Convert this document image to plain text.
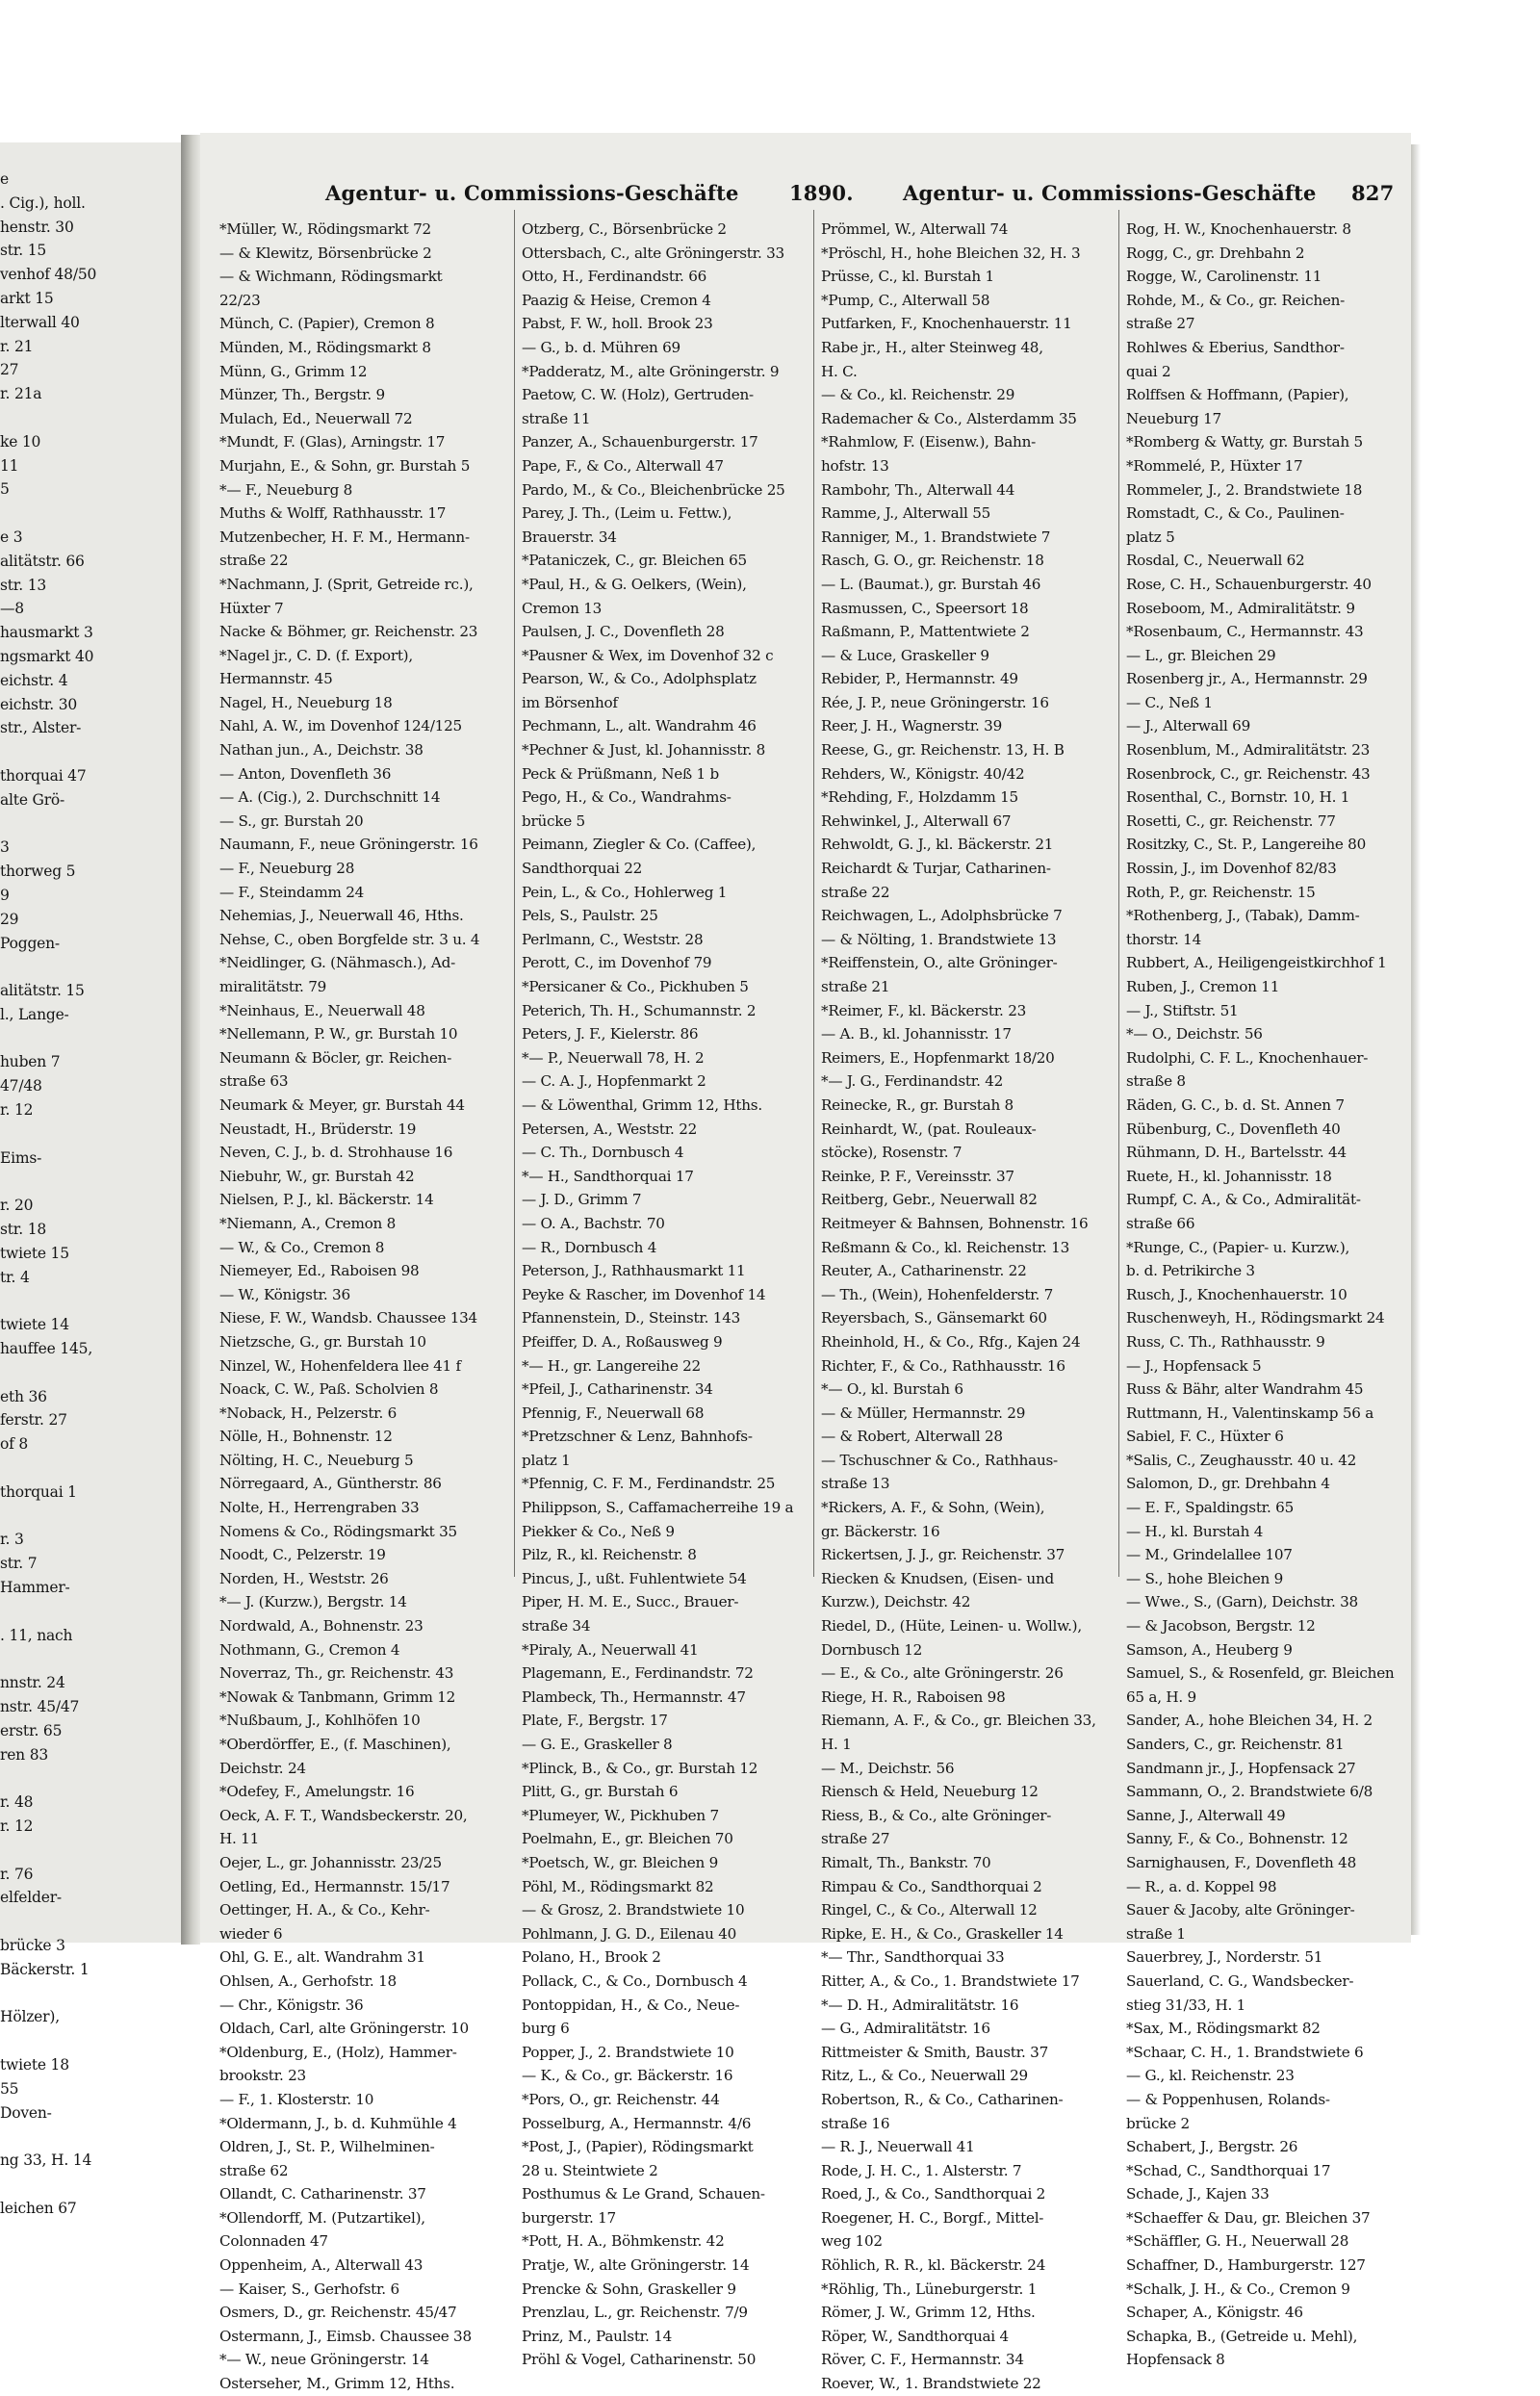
e
. Cig.), holl.
henstr. 30
str. 15
venhof 48/50
arkt 15
lterwall 40
r. 21
27
r. 21a
ke 10
11
5
e 3
alitätstr. 66
str. 13
—8
hausmarkt 3
ngsmarkt 40
eichstr. 4
eichstr. 30
str., Alster-
thorquai 47
alte Grö-
3
thorweg 5
9
29
Poggen-
alitätstr. 15
l., Lange-
huben 7
47/48
r. 12
Eims-
r. 20
str. 18
twiete 15
tr. 4
twiete 14
hauffee 145,
eth 36
ferstr. 27
of 8
thorquai 1
r. 3
str. 7
Hammer-
. 11, nach
nnstr. 24
nstr. 45/47
erstr. 65
ren 83
r. 48
r. 12
r. 76
elfelder-
brücke 3
Bäckerstr. 1
Hölzer),
twiete 18
55
Doven-
ng 33, H. 14
leichen 67
Agentur- u. Commissions-Geschäfte 1890. Agentur- u. Commissions-Geschäfte 827
*Müller, W., Rödingsmarkt 72
— & Klewitz, Börsenbrücke 2
— & Wichmann, Rödingsmarkt
22/23
Münch, C. (Papier), Cremon 8
Münden, M., Rödingsmarkt 8
Münn, G., Grimm 12
Münzer, Th., Bergstr. 9
Mulach, Ed., Neuerwall 72
*Mundt, F. (Glas), Arningstr. 17
Murjahn, E., & Sohn, gr. Burstah 5
*— F., Neueburg 8
Muths & Wolff, Rathhausstr. 17
Mutzenbecher, H. F. M., Hermann-
straße 22
*Nachmann, J. (Sprit, Getreide rc.),
Hüxter 7
Nacke & Böhmer, gr. Reichenstr. 23
*Nagel jr., C. D. (f. Export),
Hermannstr. 45
Nagel, H., Neueburg 18
Nahl, A. W., im Dovenhof 124/125
Nathan jun., A., Deichstr. 38
— Anton, Dovenfleth 36
— A. (Cig.), 2. Durchschnitt 14
— S., gr. Burstah 20
Naumann, F., neue Gröningerstr. 16
— F., Neueburg 28
— F., Steindamm 24
Nehemias, J., Neuerwall 46, Hths.
Nehse, C., oben Borgfelde str. 3 u. 4
*Neidlinger, G. (Nähmasch.), Ad-
miralitätstr. 79
*Neinhaus, E., Neuerwall 48
*Nellemann, P. W., gr. Burstah 10
Neumann & Böcler, gr. Reichen-
straße 63
Neumark & Meyer, gr. Burstah 44
Neustadt, H., Brüderstr. 19
Neven, C. J., b. d. Strohhause 16
Niebuhr, W., gr. Burstah 42
Nielsen, P. J., kl. Bäckerstr. 14
*Niemann, A., Cremon 8
— W., & Co., Cremon 8
Niemeyer, Ed., Raboisen 98
— W., Königstr. 36
Niese, F. W., Wandsb. Chaussee 134
Nietzsche, G., gr. Burstah 10
Ninzel, W., Hohenfeldera llee 41 f
Noack, C. W., Paß. Scholvien 8
*Noback, H., Pelzerstr. 6
Nölle, H., Bohnenstr. 12
Nölting, H. C., Neueburg 5
Nörregaard, A., Güntherstr. 86
Nolte, H., Herrengraben 33
Nomens & Co., Rödingsmarkt 35
Noodt, C., Pelzerstr. 19
Norden, H., Weststr. 26
*— J. (Kurzw.), Bergstr. 14
Nordwald, A., Bohnenstr. 23
Nothmann, G., Cremon 4
Noverraz, Th., gr. Reichenstr. 43
*Nowak & Tanbmann, Grimm 12
*Nußbaum, J., Kohlhöfen 10
*Oberdörffer, E., (f. Maschinen),
Deichstr. 24
*Odefey, F., Amelungstr. 16
Oeck, A. F. T., Wandsbeckerstr. 20,
H. 11
Oejer, L., gr. Johannisstr. 23/25
Oetling, Ed., Hermannstr. 15/17
Oettinger, H. A., & Co., Kehr-
wieder 6
Ohl, G. E., alt. Wandrahm 31
Ohlsen, A., Gerhofstr. 18
— Chr., Königstr. 36
Oldach, Carl, alte Gröningerstr. 10
*Oldenburg, E., (Holz), Hammer-
brookstr. 23
— F., 1. Klosterstr. 10
*Oldermann, J., b. d. Kuhmühle 4
Oldren, J., St. P., Wilhelminen-
straße 62
Ollandt, C. Catharinenstr. 37
*Ollendorff, M. (Putzartikel),
Colonnaden 47
Oppenheim, A., Alterwall 43
— Kaiser, S., Gerhofstr. 6
Osmers, D., gr. Reichenstr. 45/47
Ostermann, J., Eimsb. Chaussee 38
*— W., neue Gröningerstr. 14
Osterseher, M., Grimm 12, Hths.
Otzberg, C., Börsenbrücke 2
Ottersbach, C., alte Gröningerstr. 33
Otto, H., Ferdinandstr. 66
Paazig & Heise, Cremon 4
Pabst, F. W., holl. Brook 23
— G., b. d. Mühren 69
*Padderatz, M., alte Gröningerstr. 9
Paetow, C. W. (Holz), Gertruden-
straße 11
Panzer, A., Schauenburgerstr. 17
Pape, F., & Co., Alterwall 47
Pardo, M., & Co., Bleichenbrücke 25
Parey, J. Th., (Leim u. Fettw.),
Brauerstr. 34
*Pataniczek, C., gr. Bleichen 65
*Paul, H., & G. Oelkers, (Wein),
Cremon 13
Paulsen, J. C., Dovenfleth 28
*Pausner & Wex, im Dovenhof 32 c
Pearson, W., & Co., Adolphsplatz
im Börsenhof
Pechmann, L., alt. Wandrahm 46
*Pechner & Just, kl. Johannisstr. 8
Peck & Prüßmann, Neß 1 b
Pego, H., & Co., Wandrahms-
brücke 5
Peimann, Ziegler & Co. (Caffee),
Sandthorquai 22
Pein, L., & Co., Hohlerweg 1
Pels, S., Paulstr. 25
Perlmann, C., Weststr. 28
Perott, C., im Dovenhof 79
*Persicaner & Co., Pickhuben 5
Peterich, Th. H., Schumannstr. 2
Peters, J. F., Kielerstr. 86
*— P., Neuerwall 78, H. 2
— C. A. J., Hopfenmarkt 2
— & Löwenthal, Grimm 12, Hths.
Petersen, A., Weststr. 22
— C. Th., Dornbusch 4
*— H., Sandthorquai 17
— J. D., Grimm 7
— O. A., Bachstr. 70
— R., Dornbusch 4
Peterson, J., Rathhausmarkt 11
Peyke & Rascher, im Dovenhof 14
Pfannenstein, D., Steinstr. 143
Pfeiffer, D. A., Roßausweg 9
*— H., gr. Langereihe 22
*Pfeil, J., Catharinenstr. 34
Pfennig, F., Neuerwall 68
*Pretzschner & Lenz, Bahnhofs-
platz 1
*Pfennig, C. F. M., Ferdinandstr. 25
Philippson, S., Caffamacherreihe 19 a
Piekker & Co., Neß 9
Pilz, R., kl. Reichenstr. 8
Pincus, J., ußt. Fuhlentwiete 54
Piper, H. M. E., Succ., Brauer-
straße 34
*Piraly, A., Neuerwall 41
Plagemann, E., Ferdinandstr. 72
Plambeck, Th., Hermannstr. 47
Plate, F., Bergstr. 17
— G. E., Graskeller 8
*Plinck, B., & Co., gr. Burstah 12
Plitt, G., gr. Burstah 6
*Plumeyer, W., Pickhuben 7
Poelmahn, E., gr. Bleichen 70
*Poetsch, W., gr. Bleichen 9
Pöhl, M., Rödingsmarkt 82
— & Grosz, 2. Brandstwiete 10
Pohlmann, J. G. D., Eilenau 40
Polano, H., Brook 2
Pollack, C., & Co., Dornbusch 4
Pontoppidan, H., & Co., Neue-
burg 6
Popper, J., 2. Brandstwiete 10
— K., & Co., gr. Bäckerstr. 16
*Pors, O., gr. Reichenstr. 44
Posselburg, A., Hermannstr. 4/6
*Post, J., (Papier), Rödingsmarkt
28 u. Steintwiete 2
Posthumus & Le Grand, Schauen-
burgerstr. 17
*Pott, H. A., Böhmkenstr. 42
Pratje, W., alte Gröningerstr. 14
Prencke & Sohn, Graskeller 9
Prenzlau, L., gr. Reichenstr. 7/9
Prinz, M., Paulstr. 14
Pröhl & Vogel, Catharinenstr. 50
Prömmel, W., Alterwall 74
*Pröschl, H., hohe Bleichen 32, H. 3
Prüsse, C., kl. Burstah 1
*Pump, C., Alterwall 58
Putfarken, F., Knochenhauerstr. 11
Rabe jr., H., alter Steinweg 48,
H. C.
— & Co., kl. Reichenstr. 29
Rademacher & Co., Alsterdamm 35
*Rahmlow, F. (Eisenw.), Bahn-
hofstr. 13
Rambohr, Th., Alterwall 44
Ramme, J., Alterwall 55
Ranniger, M., 1. Brandstwiete 7
Rasch, G. O., gr. Reichenstr. 18
— L. (Baumat.), gr. Burstah 46
Rasmussen, C., Speersort 18
Raßmann, P., Mattentwiete 2
— & Luce, Graskeller 9
Rebider, P., Hermannstr. 49
Rée, J. P., neue Gröningerstr. 16
Reer, J. H., Wagnerstr. 39
Reese, G., gr. Reichenstr. 13, H. B
Rehders, W., Königstr. 40/42
*Rehding, F., Holzdamm 15
Rehwinkel, J., Alterwall 67
Rehwoldt, G. J., kl. Bäckerstr. 21
Reichardt & Turjar, Catharinen-
straße 22
Reichwagen, L., Adolphsbrücke 7
— & Nölting, 1. Brandstwiete 13
*Reiffenstein, O., alte Gröninger-
straße 21
*Reimer, F., kl. Bäckerstr. 23
— A. B., kl. Johannisstr. 17
Reimers, E., Hopfenmarkt 18/20
*— J. G., Ferdinandstr. 42
Reinecke, R., gr. Burstah 8
Reinhardt, W., (pat. Rouleaux-
stöcke), Rosenstr. 7
Reinke, P. F., Vereinsstr. 37
Reitberg, Gebr., Neuerwall 82
Reitmeyer & Bahnsen, Bohnenstr. 16
Reßmann & Co., kl. Reichenstr. 13
Reuter, A., Catharinenstr. 22
— Th., (Wein), Hohenfelderstr. 7
Reyersbach, S., Gänsemarkt 60
Rheinhold, H., & Co., Rfg., Kajen 24
Richter, F., & Co., Rathhausstr. 16
*— O., kl. Burstah 6
— & Müller, Hermannstr. 29
— & Robert, Alterwall 28
— Tschuschner & Co., Rathhaus-
straße 13
*Rickers, A. F., & Sohn, (Wein),
gr. Bäckerstr. 16
Rickertsen, J. J., gr. Reichenstr. 37
Riecken & Knudsen, (Eisen- und
Kurzw.), Deichstr. 42
Riedel, D., (Hüte, Leinen- u. Wollw.),
Dornbusch 12
— E., & Co., alte Gröningerstr. 26
Riege, H. R., Raboisen 98
Riemann, A. F., & Co., gr. Bleichen 33,
H. 1
— M., Deichstr. 56
Riensch & Held, Neueburg 12
Riess, B., & Co., alte Gröninger-
straße 27
Rimalt, Th., Bankstr. 70
Rimpau & Co., Sandthorquai 2
Ringel, C., & Co., Alterwall 12
Ripke, E. H., & Co., Graskeller 14
*— Thr., Sandthorquai 33
Ritter, A., & Co., 1. Brandstwiete 17
*— D. H., Admiralitätstr. 16
— G., Admiralitätstr. 16
Rittmeister & Smith, Baustr. 37
Ritz, L., & Co., Neuerwall 29
Robertson, R., & Co., Catharinen-
straße 16
— R. J., Neuerwall 41
Rode, J. H. C., 1. Alsterstr. 7
Roed, J., & Co., Sandthorquai 2
Roegener, H. C., Borgf., Mittel-
weg 102
Röhlich, R. R., kl. Bäckerstr. 24
*Röhlig, Th., Lüneburgerstr. 1
Römer, J. W., Grimm 12, Hths.
Röper, W., Sandthorquai 4
Röver, C. F., Hermannstr. 34
Roever, W., 1. Brandstwiete 22
Rog, H. W., Knochenhauerstr. 8
Rogg, C., gr. Drehbahn 2
Rogge, W., Carolinenstr. 11
Rohde, M., & Co., gr. Reichen-
straße 27
Rohlwes & Eberius, Sandthor-
quai 2
Rolffsen & Hoffmann, (Papier),
Neueburg 17
*Romberg & Watty, gr. Burstah 5
*Rommelé, P., Hüxter 17
Rommeler, J., 2. Brandstwiete 18
Romstadt, C., & Co., Paulinen-
platz 5
Rosdal, C., Neuerwall 62
Rose, C. H., Schauenburgerstr. 40
Roseboom, M., Admiralitätstr. 9
*Rosenbaum, C., Hermannstr. 43
— L., gr. Bleichen 29
Rosenberg jr., A., Hermannstr. 29
— C., Neß 1
— J., Alterwall 69
Rosenblum, M., Admiralitätstr. 23
Rosenbrock, C., gr. Reichenstr. 43
Rosenthal, C., Bornstr. 10, H. 1
Rosetti, C., gr. Reichenstr. 77
Rositzky, C., St. P., Langereihe 80
Rossin, J., im Dovenhof 82/83
Roth, P., gr. Reichenstr. 15
*Rothenberg, J., (Tabak), Damm-
thorstr. 14
Rubbert, A., Heiligengeistkirchhof 1
Ruben, J., Cremon 11
— J., Stiftstr. 51
*— O., Deichstr. 56
Rudolphi, C. F. L., Knochenhauer-
straße 8
Räden, G. C., b. d. St. Annen 7
Rübenburg, C., Dovenfleth 40
Rühmann, D. H., Bartelsstr. 44
Ruete, H., kl. Johannisstr. 18
Rumpf, C. A., & Co., Admiralität-
straße 66
*Runge, C., (Papier- u. Kurzw.),
b. d. Petrikirche 3
Rusch, J., Knochenhauerstr. 10
Ruschenweyh, H., Rödingsmarkt 24
Russ, C. Th., Rathhausstr. 9
— J., Hopfensack 5
Russ & Bähr, alter Wandrahm 45
Ruttmann, H., Valentinskamp 56 a
Sabiel, F. C., Hüxter 6
*Salis, C., Zeughausstr. 40 u. 42
Salomon, D., gr. Drehbahn 4
— E. F., Spaldingstr. 65
— H., kl. Burstah 4
— M., Grindelallee 107
— S., hohe Bleichen 9
— Wwe., S., (Garn), Deichstr. 38
— & Jacobson, Bergstr. 12
Samson, A., Heuberg 9
Samuel, S., & Rosenfeld, gr. Bleichen
65 a, H. 9
Sander, A., hohe Bleichen 34, H. 2
Sanders, C., gr. Reichenstr. 81
Sandmann jr., J., Hopfensack 27
Sammann, O., 2. Brandstwiete 6/8
Sanne, J., Alterwall 49
Sanny, F., & Co., Bohnenstr. 12
Sarnighausen, F., Dovenfleth 48
— R., a. d. Koppel 98
Sauer & Jacoby, alte Gröninger-
straße 1
Sauerbrey, J., Norderstr. 51
Sauerland, C. G., Wandsbecker-
stieg 31/33, H. 1
*Sax, M., Rödingsmarkt 82
*Schaar, C. H., 1. Brandstwiete 6
— G., kl. Reichenstr. 23
— & Poppenhusen, Rolands-
brücke 2
Schabert, J., Bergstr. 26
*Schad, C., Sandthorquai 17
Schade, J., Kajen 33
*Schaeffer & Dau, gr. Bleichen 37
*Schäffler, G. H., Neuerwall 28
Schaffner, D., Hamburgerstr. 127
*Schalk, J. H., & Co., Cremon 9
Schaper, A., Königstr. 46
Schapka, B., (Getreide u. Mehl),
Hopfensack 8
